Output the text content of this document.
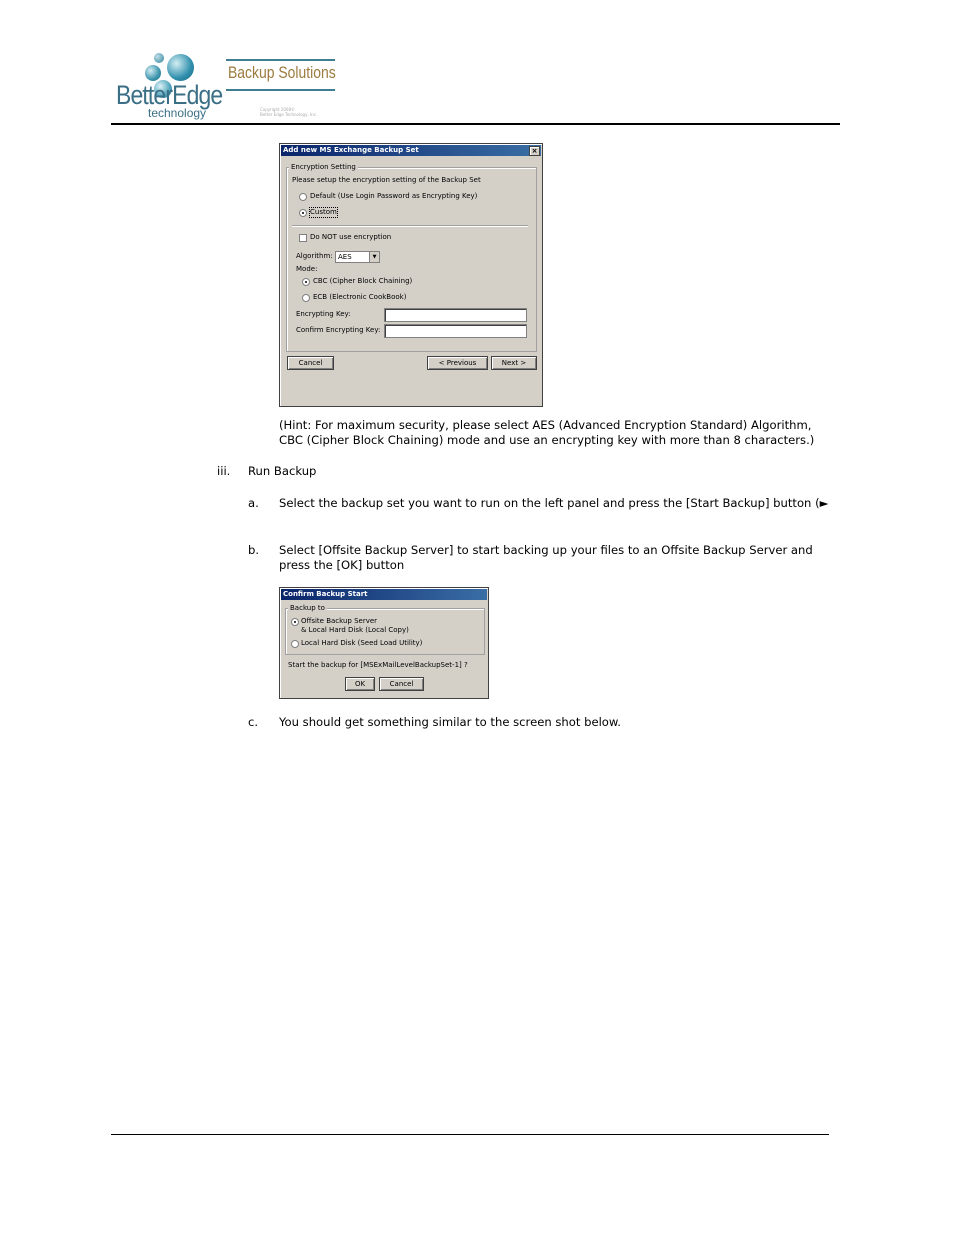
BetterEdge
technology
Backup Solutions
Copyright 2008©
Better Edge Technology, Inc.
Add new MS Exchange Backup Set	×
Encryption Setting
Please setup the encryption setting of the Backup Set
Default (Use Login Password as Encrypting Key)
Custom
Do NOT use encryption
Algorithm: AES	▼
Mode:
CBC (Cipher Block Chaining)
ECB (Electronic CookBook)
Encrypting Key:
Confirm Encrypting Key:
Cancel	< Previous	Next >
(Hint: For maximum security, please select AES (Advanced Encryption Standard) Algorithm, CBC (Cipher Block Chaining) mode and use an encrypting key with more than 8 characters.)
iii. Run Backup
a. Select the backup set you want to run on the left panel and press the [Start Backup] button (►
b. Select [Offsite Backup Server] to start backing up your files to an Offsite Backup Server and press the [OK] button
Confirm Backup Start
Backup to
Offsite Backup Server
& Local Hard Disk (Local Copy)
Local Hard Disk (Seed Load Utility)
Start the backup for [MSExMailLevelBackupSet-1] ?
OK	Cancel
c. You should get something similar to the screen shot below.
